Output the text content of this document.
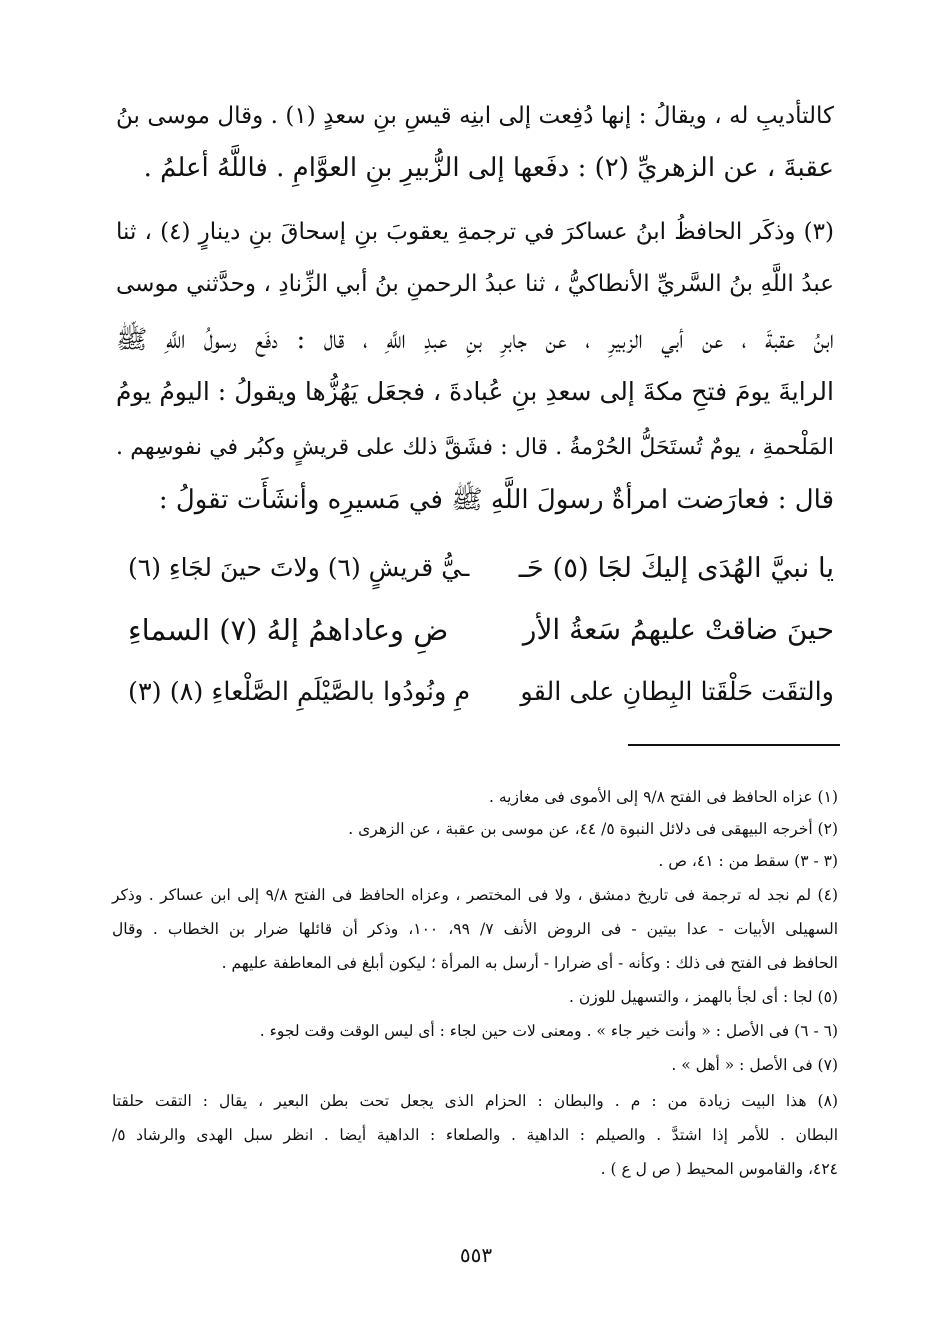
كالتأديبِ له ، ويقالُ : إنها دُفِعت إلى ابنِه قيسِ بنِ سعدٍ (١) . وقال موسى بنُ
عقبةَ ، عن الزهريِّ (٢) : دفَعها إلى الزُّبيرِ بنِ العوَّامِ . فاللَّهُ أعلمُ .
(٣) وذكَر الحافظُ ابنُ عساكرَ في ترجمةِ يعقوبَ بنِ إسحاقَ بنِ دينارٍ (٤) ، ثنا
عبدُ اللَّهِ بنُ السَّريِّ الأنطاكيُّ ، ثنا عبدُ الرحمنِ بنُ أبي الزِّنادِ ، وحدَّثني موسى
ابنُ عقبةَ ، عن أبي الزبيرِ ، عن جابرِ بنِ عبدِ اللَّهِ ، قال : دفَع رسولُ اللَّهِ ﷺ
الرايةَ يومَ فتحِ مكةَ إلى سعدِ بنِ عُبادةَ ، فجعَل يَهُزُّها ويقولُ : اليومُ يومُ
المَلْحمةِ ، يومٌ تُستَحَلُّ الحُرْمةُ . قال : فشَقَّ ذلك على قريشٍ وكبُر في نفوسِهم .
قال : فعارَضت امرأةٌ رسولَ اللَّهِ ﷺ في مَسيرِه وأنشَأَت تقولُ :
يا نبيَّ الهُدَى إليكَ لجَا (٥) حَـ
ـيُّ قريشٍ (٦) ولاتَ حينَ لجَاءِ (٦)
حينَ ضاقتْ عليهمُ سَعةُ الأر
ضِ وعاداهمُ إلهُ (٧) السماءِ
والتقَت حَلْقَتا البِطانِ على القو
مِ ونُودُوا بالصَّيْلَمِ الصَّلْعاءِ (٨) (٣)
(١) عزاه الحافظ فى الفتح ٩/٨ إلى الأموى فى مغازيه .
(٢) أخرجه البيهقى فى دلائل النبوة ٥/ ٤٤، عن موسى بن عقبة ، عن الزهرى .
(٣ - ٣) سقط من : ٤١، ص .
(٤) لم نجد له ترجمة فى تاريخ دمشق ، ولا فى المختصر ، وعزاه الحافظ فى الفتح ٩/٨ إلى ابن عساكر . وذكر
السهيلى الأبيات - عدا بيتين - فى الروض الأنف ٧/ ٩٩، ١٠٠، وذكر أن قائلها ضرار بن الخطاب . وقال
الحافظ فى الفتح فى ذلك : وكأنه - أى ضرارا - أرسل به المرأة ؛ ليكون أبلغ فى المعاطفة عليهم .
(٥) لجا : أى لجأ بالهمز ، والتسهيل للوزن .
(٦ - ٦) فى الأصل : « وأنت خير جاء » . ومعنى لات حين لجاء : أى ليس الوقت وقت لجوء .
(٧) فى الأصل : « أهل » .
(٨) هذا البيت زيادة من : م . والبطان : الحزام الذى يجعل تحت بطن البعير ، يقال : التقت حلقتا
البطان . للأمر إذا اشتدَّ . والصيلم : الداهية . والصلعاء : الداهية أيضا . انظر سبل الهدى والرشاد ٥/
٤٢٤، والقاموس المحيط ( ص ل ع ) .
٥٥٣
